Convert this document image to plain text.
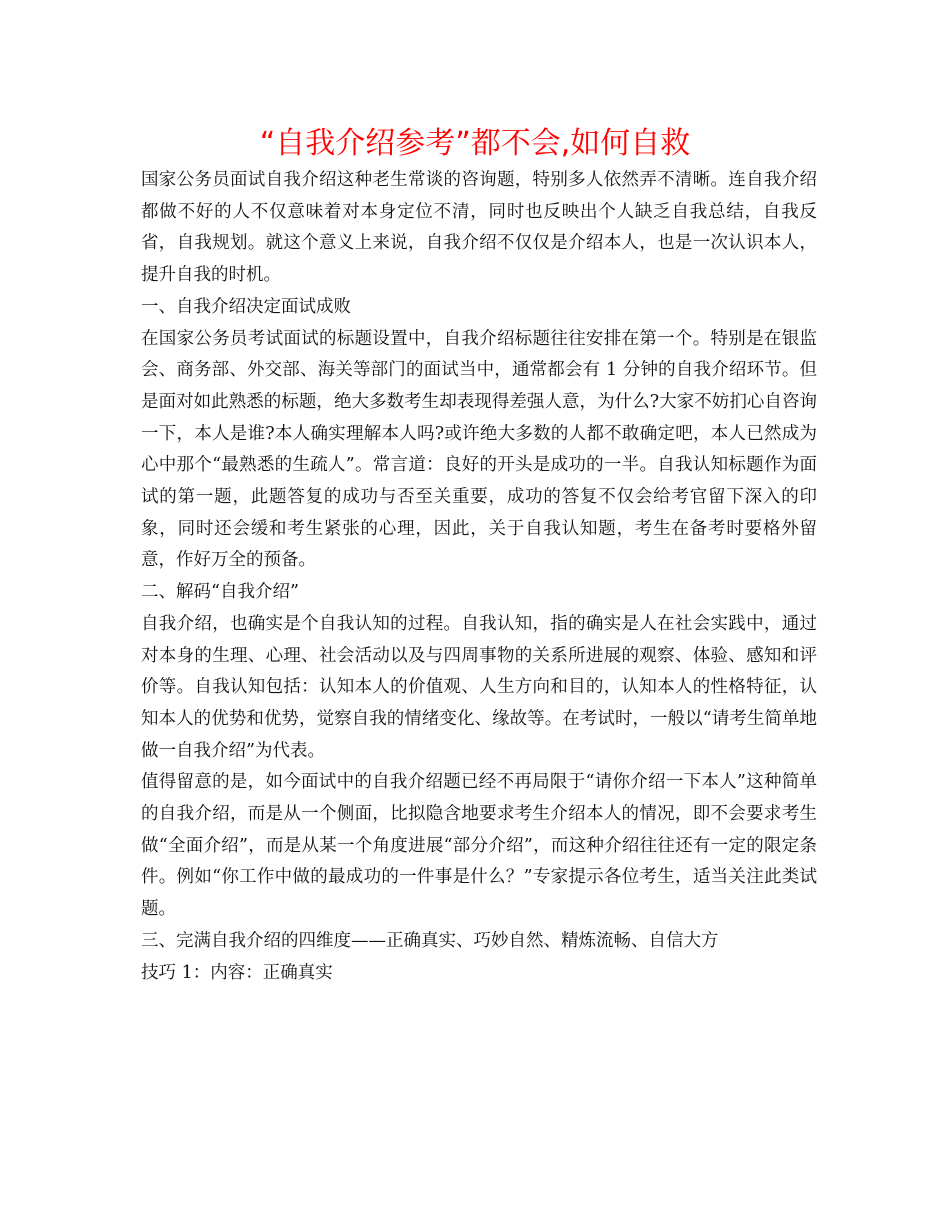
“自我介绍参考”都不会,如何自救

国家公务员面试自我介绍这种老生常谈的咨询题，特别多人依然弄不清晰。连自我介绍都做不好的人不仅意味着对本身定位不清，同时也反映出个人缺乏自我总结，自我反省，自我规划。就这个意义上来说，自我介绍不仅仅是介绍本人，也是一次认识本人，提升自我的时机。

一、自我介绍决定面试成败

在国家公务员考试面试的标题设置中，自我介绍标题往往安排在第一个。特别是在银监会、商务部、外交部、海关等部门的面试当中，通常都会有 1 分钟的自我介绍环节。但是面对如此熟悉的标题，绝大多数考生却表现得差强人意，为什么?大家不妨扪心自咨询一下，本人是谁?本人确实理解本人吗?或许绝大多数的人都不敢确定吧，本人已然成为心中那个“最熟悉的生疏人”。常言道：良好的开头是成功的一半。自我认知标题作为面试的第一题，此题答复的成功与否至关重要，成功的答复不仅会给考官留下深入的印象，同时还会缓和考生紧张的心理，因此，关于自我认知题，考生在备考时要格外留意，作好万全的预备。

二、解码“自我介绍”

自我介绍，也确实是个自我认知的过程。自我认知，指的确实是人在社会实践中，通过对本身的生理、心理、社会活动以及与四周事物的关系所进展的观察、体验、感知和评价等。自我认知包括：认知本人的价值观、人生方向和目的，认知本人的性格特征，认知本人的优势和优势，觉察自我的情绪变化、缘故等。在考试时，一般以“请考生简单地做一自我介绍”为代表。

值得留意的是，如今面试中的自我介绍题已经不再局限于“请你介绍一下本人”这种简单的自我介绍，而是从一个侧面，比拟隐含地要求考生介绍本人的情况，即不会要求考生做“全面介绍”，而是从某一个角度进展“部分介绍”，而这种介绍往往还有一定的限定条件。例如“你工作中做的最成功的一件事是什么？”专家提示各位考生，适当关注此类试题。

三、完满自我介绍的四维度——正确真实、巧妙自然、精炼流畅、自信大方

技巧 1：内容：正确真实
